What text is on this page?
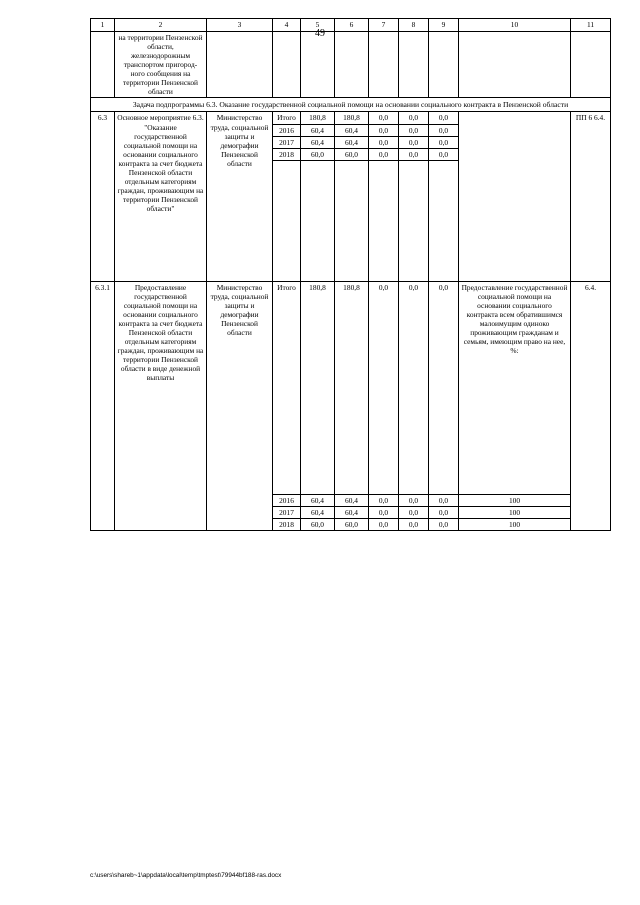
49
1	2	3	4	5	6	7	8	9	10	11
	на территории Пензенской области, железнодорожным транспортом пригород-ного сообщения на территории Пензенской области									
Задача подпрограммы 6.3. Оказание государственной социальной помощи на основании социального контракта в Пензенской области										
6.3	Основное мероприятие 6.3. "Оказание государственной социальной помощи на основании социального контракта за счет бюджета Пензенской области отдельным категориям граждан, проживающим на территории Пензенской области"	Министерство труда, социальной защиты и демографии Пензенской области	Итого	180,8	180,8	0,0	0,0	0,0		ПП 6 6.4.
			2016	60,4	60,4	0,0	0,0	0,0		
			2017	60,4	60,4	0,0	0,0	0,0		
			2018	60,0	60,0	0,0	0,0	0,0		

6.3.1	Предоставление государственной социальной помощи на основании социального контракта за счет бюджета Пензенской области отдельным категориям граждан, проживающим на территории Пензенской области в виде денежной выплаты	Министерство труда, социальной защиты и демографии Пензенской области	Итого	180,8	180,8	0,0	0,0	0,0	Предоставление государственной социальной помощи на основании социального контракта всем обратившимся малоимущим одиноко проживающим гражданам и семьям, имеющим право на нее, %:	6.4.
			2016	60,4	60,4	0,0	0,0	0,0	100	
			2017	60,4	60,4	0,0	0,0	0,0	100	
			2018	60,0	60,0	0,0	0,0	0,0	100	
c:\users\shareb~1\appdata\local\temp\tmptest\79944bf188-ras.docx
